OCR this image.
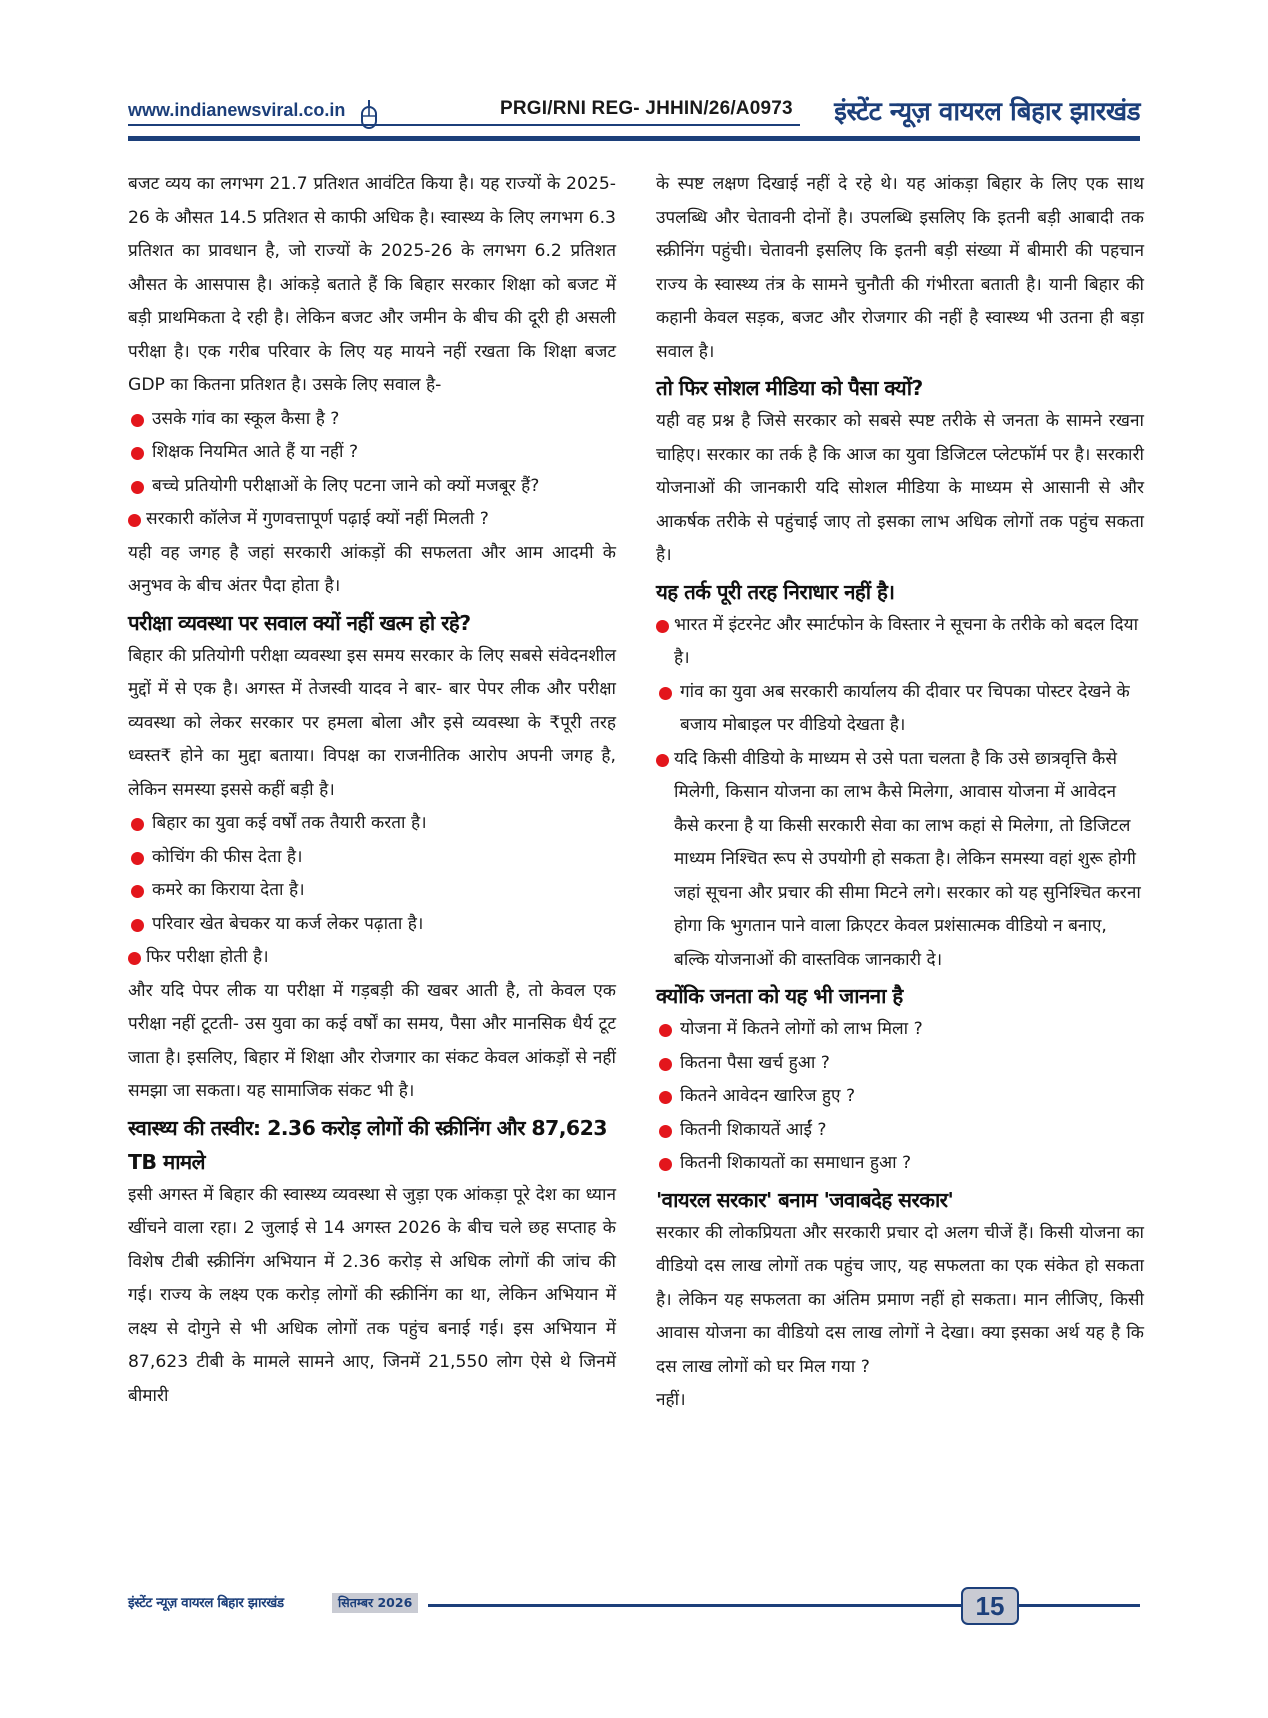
www.indianewsviral.co.in	PRGI/RNI REG- JHHIN/26/A0973 इंस्टेंट न्यूज़ वायरल बिहार झारखंड

बजट व्यय का लगभग 21.7 प्रतिशत आवंटित किया है। यह राज्यों के 2025-26 के औसत 14.5 प्रतिशत से काफी अधिक है। स्वास्थ्य के लिए लगभग 6.3 प्रतिशत का प्रावधान है, जो राज्यों के 2025-26 के लगभग 6.2 प्रतिशत औसत के आसपास है। आंकड़े बताते हैं कि बिहार सरकार शिक्षा को बजट में बड़ी प्राथमिकता दे रही है। लेकिन बजट और जमीन के बीच की दूरी ही असली परीक्षा है। एक गरीब परिवार के लिए यह मायने नहीं रखता कि शिक्षा बजट GDP का कितना प्रतिशत है। उसके लिए सवाल है-

उसके गांव का स्कूल कैसा है ?
शिक्षक नियमित आते हैं या नहीं ?
बच्चे प्रतियोगी परीक्षाओं के लिए पटना जाने को क्यों मजबूर हैं?
सरकारी कॉलेज में गुणवत्तापूर्ण पढ़ाई क्यों नहीं मिलती ?

यही वह जगह है जहां सरकारी आंकड़ों की सफलता और आम आदमी के अनुभव के बीच अंतर पैदा होता है।

परीक्षा व्यवस्था पर सवाल क्यों नहीं खत्म हो रहे?

बिहार की प्रतियोगी परीक्षा व्यवस्था इस समय सरकार के लिए सबसे संवेदनशील मुद्दों में से एक है। अगस्त में तेजस्वी यादव ने बार- बार पेपर लीक और परीक्षा व्यवस्था को लेकर सरकार पर हमला बोला और इसे व्यवस्था के ₹पूरी तरह ध्वस्त₹ होने का मुद्दा बताया। विपक्ष का राजनीतिक आरोप अपनी जगह है, लेकिन समस्या इससे कहीं बड़ी है।

बिहार का युवा कई वर्षों तक तैयारी करता है।
कोचिंग की फीस देता है।
कमरे का किराया देता है।
परिवार खेत बेचकर या कर्ज लेकर पढ़ाता है।
फिर परीक्षा होती है।

और यदि पेपर लीक या परीक्षा में गड़बड़ी की खबर आती है, तो केवल एक परीक्षा नहीं टूटती- उस युवा का कई वर्षों का समय, पैसा और मानसिक धैर्य टूट जाता है। इसलिए, बिहार में शिक्षा और रोजगार का संकट केवल आंकड़ों से नहीं समझा जा सकता। यह सामाजिक संकट भी है।

स्वास्थ्य की तस्वीर: 2.36 करोड़ लोगों की स्क्रीनिंग और 87,623 TB मामले

इसी अगस्त में बिहार की स्वास्थ्य व्यवस्था से जुड़ा एक आंकड़ा पूरे देश का ध्यान खींचने वाला रहा। 2 जुलाई से 14 अगस्त 2026 के बीच चले छह सप्ताह के विशेष टीबी स्क्रीनिंग अभियान में 2.36 करोड़ से अधिक लोगों की जांच की गई। राज्य के लक्ष्य एक करोड़ लोगों की स्क्रीनिंग का था, लेकिन अभियान में लक्ष्य से दोगुने से भी अधिक लोगों तक पहुंच बनाई गई। इस अभियान में 87,623 टीबी के मामले सामने आए, जिनमें 21,550 लोग ऐसे थे जिनमें बीमारी

के स्पष्ट लक्षण दिखाई नहीं दे रहे थे। यह आंकड़ा बिहार के लिए एक साथ उपलब्धि और चेतावनी दोनों है। उपलब्धि इसलिए कि इतनी बड़ी आबादी तक स्क्रीनिंग पहुंची। चेतावनी इसलिए कि इतनी बड़ी संख्या में बीमारी की पहचान राज्य के स्वास्थ्य तंत्र के सामने चुनौती की गंभीरता बताती है। यानी बिहार की कहानी केवल सड़क, बजट और रोजगार की नहीं है स्वास्थ्य भी उतना ही बड़ा सवाल है।

तो फिर सोशल मीडिया को पैसा क्यों?

यही वह प्रश्न है जिसे सरकार को सबसे स्पष्ट तरीके से जनता के सामने रखना चाहिए। सरकार का तर्क है कि आज का युवा डिजिटल प्लेटफॉर्म पर है। सरकारी योजनाओं की जानकारी यदि सोशल मीडिया के माध्यम से आसानी से और आकर्षक तरीके से पहुंचाई जाए तो इसका लाभ अधिक लोगों तक पहुंच सकता है।

यह तर्क पूरी तरह निराधार नहीं है।
भारत में इंटरनेट और स्मार्टफोन के विस्तार ने सूचना के तरीके को बदल दिया है।
गांव का युवा अब सरकारी कार्यालय की दीवार पर चिपका पोस्टर देखने के बजाय मोबाइल पर वीडियो देखता है।
यदि किसी वीडियो के माध्यम से उसे पता चलता है कि उसे छात्रवृत्ति कैसे मिलेगी, किसान योजना का लाभ कैसे मिलेगा, आवास योजना में आवेदन कैसे करना है या किसी सरकारी सेवा का लाभ कहां से मिलेगा, तो डिजिटल माध्यम निश्चित रूप से उपयोगी हो सकता है। लेकिन समस्या वहां शुरू होगी जहां सूचना और प्रचार की सीमा मिटने लगे। सरकार को यह सुनिश्चित करना होगा कि भुगतान पाने वाला क्रिएटर केवल प्रशंसात्मक वीडियो न बनाए, बल्कि योजनाओं की वास्तविक जानकारी दे।
क्योंकि जनता को यह भी जानना है
योजना में कितने लोगों को लाभ मिला ?
कितना पैसा खर्च हुआ ?
कितने आवेदन खारिज हुए ?
कितनी शिकायतें आईं ?
कितनी शिकायतों का समाधान हुआ ?
'वायरल सरकार' बनाम 'जवाबदेह सरकार'

सरकार की लोकप्रियता और सरकारी प्रचार दो अलग चीजें हैं। किसी योजना का वीडियो दस लाख लोगों तक पहुंच जाए, यह सफलता का एक संकेत हो सकता है। लेकिन यह सफलता का अंतिम प्रमाण नहीं हो सकता। मान लीजिए, किसी आवास योजना का वीडियो दस लाख लोगों ने देखा। क्या इसका अर्थ यह है कि दस लाख लोगों को घर मिल गया ?

नहीं।

इंस्टेंट न्यूज़ वायरल बिहार झारखंड	सितम्बर 2026	15
